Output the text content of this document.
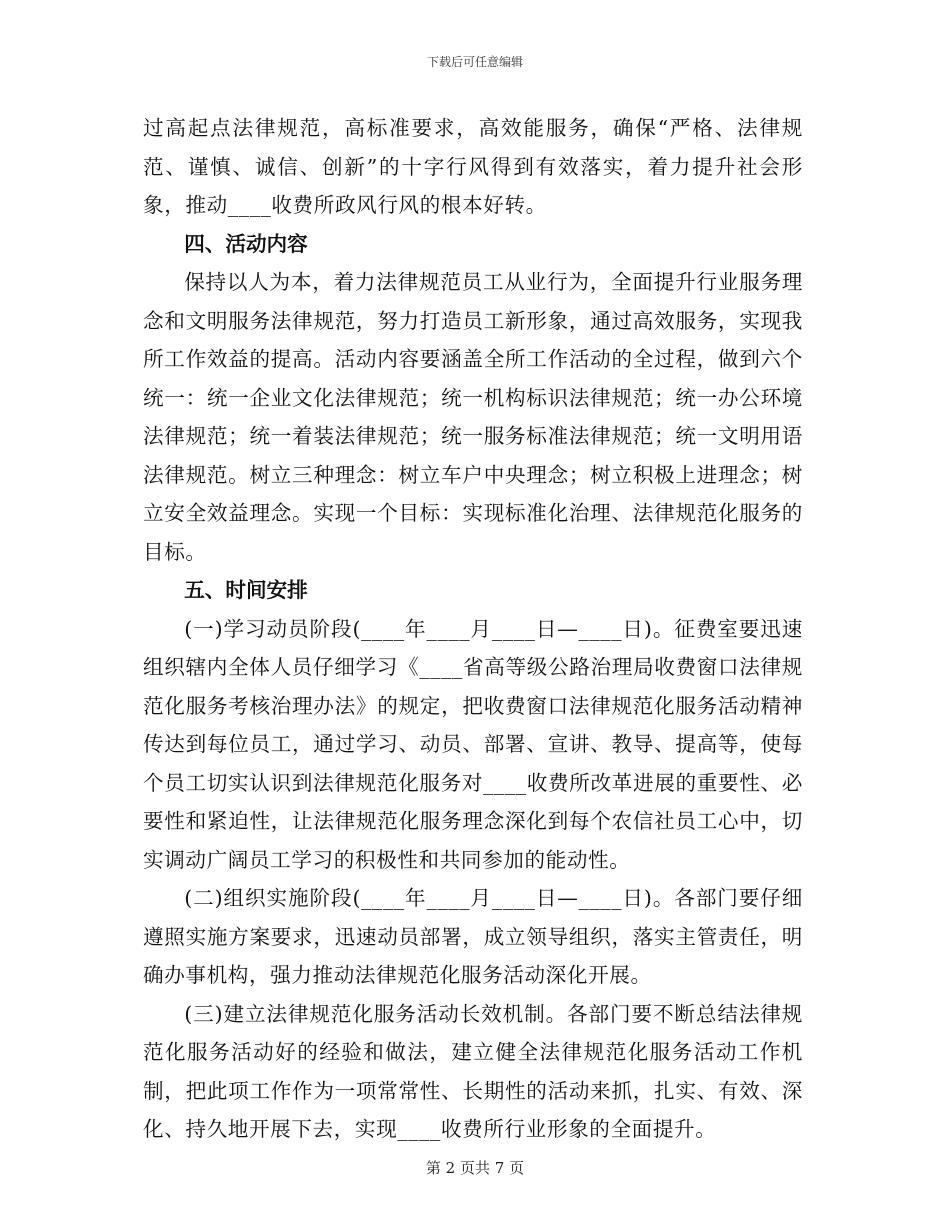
下载后可任意编辑

过高起点法律规范，高标准要求，高效能服务，确保“严格、法律规范、谨慎、诚信、创新”的十字行风得到有效落实，着力提升社会形象，推动____收费所政风行风的根本好转。

四、活动内容

保持以人为本，着力法律规范员工从业行为，全面提升行业服务理念和文明服务法律规范，努力打造员工新形象，通过高效服务，实现我所工作效益的提高。活动内容要涵盖全所工作活动的全过程，做到六个统一：统一企业文化法律规范；统一机构标识法律规范；统一办公环境法律规范；统一着装法律规范；统一服务标准法律规范；统一文明用语法律规范。树立三种理念：树立车户中央理念；树立积极上进理念；树立安全效益理念。实现一个目标：实现标准化治理、法律规范化服务的目标。

五、时间安排

(一)学习动员阶段(____年____月____日—____日)。征费室要迅速组织辖内全体人员仔细学习《____省高等级公路治理局收费窗口法律规范化服务考核治理办法》的规定，把收费窗口法律规范化服务活动精神传达到每位员工，通过学习、动员、部署、宣讲、教导、提高等，使每个员工切实认识到法律规范化服务对____收费所改革进展的重要性、必要性和紧迫性，让法律规范化服务理念深化到每个农信社员工心中，切实调动广阔员工学习的积极性和共同参加的能动性。

(二)组织实施阶段(____年____月____日—____日)。各部门要仔细遵照实施方案要求，迅速动员部署，成立领导组织，落实主管责任，明确办事机构，强力推动法律规范化服务活动深化开展。

(三)建立法律规范化服务活动长效机制。各部门要不断总结法律规范化服务活动好的经验和做法，建立健全法律规范化服务活动工作机制，把此项工作作为一项常常性、长期性的活动来抓，扎实、有效、深化、持久地开展下去，实现____收费所行业形象的全面提升。

第 2 页共 7 页
